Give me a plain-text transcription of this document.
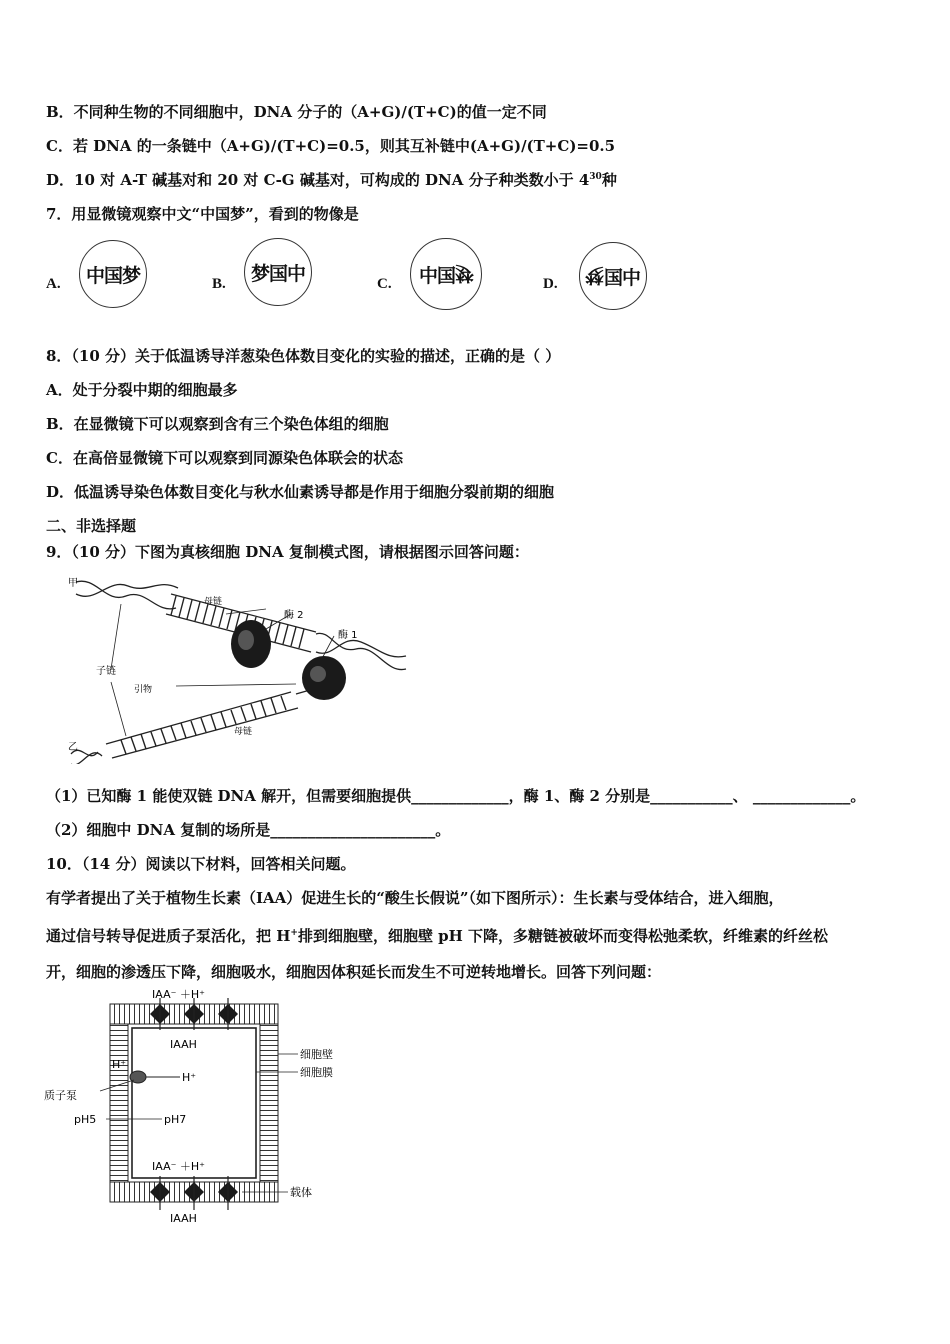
B．不同种生物的不同细胞中，DNA 分子的（A+G)/(T+C)的值一定不同
C．若 DNA 的一条链中（A+G)/(T+C)=0.5，则其互补链中(A+G)/(T+C)=0.5
D．10 对 A-T 碱基对和 20 对 C-G 碱基对，可构成的 DNA 分子种类数小于 $4^{30}$种
7．用显微镜观察中文“中国梦”，看到的物像是
A. 中国梦	B. 梦国中	C. 中国 梦
D. 梦 国中
8．（10 分）关于低温诱导洋葱染色体数目变化的实验的描述，正确的是（ ）
A．处于分裂中期的细胞最多
B．在显微镜下可以观察到含有三个染色体组的细胞
C．在高倍显微镜下可以观察到同源染色体联会的状态
D．低温诱导染色体数目变化与秋水仙素诱导都是作用于细胞分裂前期的细胞
二、非选择题
9．（10 分）下图为真核细胞 DNA 复制模式图，请根据图示回答问题：
甲
乙
母链
母链
子链
引物
酶 2
酶 1
（1）已知酶 1 能使双链 DNA 解开，但需要细胞提供_____________，酶 1、酶 2 分别是___________、 _____________。
（2）细胞中 DNA 复制的场所是______________________。
10．（14 分）阅读以下材料，回答相关问题。
有学者提出了关于植物生长素（IAA）促进生长的“酸生长假说”（如下图所示）：生长素与受体结合，进入细胞，
通过信号转导促进质子泵活化，把 H+排到细胞壁，细胞壁 pH 下降，多糖链被破坏而变得松弛柔软，纤维素的纤丝松
开，细胞的渗透压下降，细胞吸水，细胞因体积延长而发生不可逆转地增长。回答下列问题：
IAA⁻ ＋H⁺
IAAH
细胞壁
细胞膜
H⁺
H⁺
质子泵
pH5	pH7
IAA⁻ ＋H⁺
载体
IAAH
